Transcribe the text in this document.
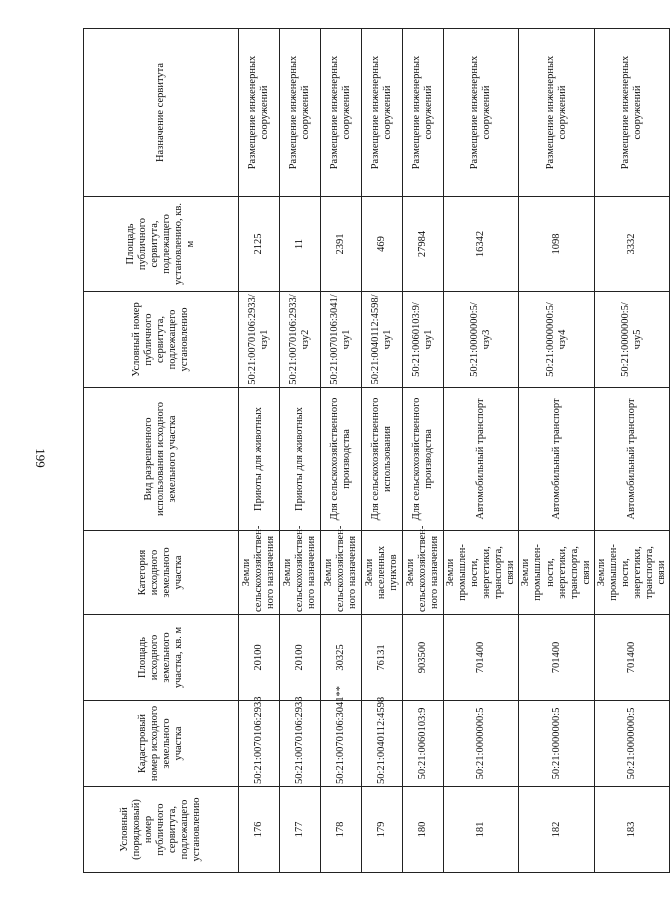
199
Условный (порядковый) номер публичного сервитута, подлежащего установлению	Кадастровый номер исходного земельного участка	Площадь исходного земельного участка, кв. м	Категория исходного земельного участка	Вид разрешенного использования исходного земельного участка	Условный номер публичного сервитута, подлежащего установлению	Площадь публичного сервитута, подлежащего установлению, кв. м	Назначение сервитута
176	50:21:0070106:2933	20100	Земли сельскохозяйствен-ного назначения	Приюты для животных	50:21:0070106:2933/чзу1	2125	Размещение инженерных сооружений
177	50:21:0070106:2933	20100	Земли сельскохозяйствен-ного назначения	Приюты для животных	50:21:0070106:2933/чзу2	11	Размещение инженерных сооружений
178	50:21:0070106:3041**	30325	Земли сельскохозяйствен-ного назначения	Для сельскохозяйственного производства	50:21:0070106:3041/чзу1	2391	Размещение инженерных сооружений
179	50:21:0040112:4598	76131	Земли населенных пунктов	Для сельскохозяйственного использования	50:21:0040112:4598/чзу1	469	Размещение инженерных сооружений
180	50:21:0060103:9	903500	Земли сельскохозяйствен-ного назначения	Для сельскохозяйственного производства	50:21:0060103:9/чзу1	27984	Размещение инженерных сооружений
181	50:21:0000000:5	701400	Земли промышлен-ности, энергетики, транспорта, связи	Автомобильный транспорт	50:21:0000000:5/чзу3	16342	Размещение инженерных сооружений
182	50:21:0000000:5	701400	Земли промышлен-ности, энергетики, транспорта, связи	Автомобильный транспорт	50:21:0000000:5/чзу4	1098	Размещение инженерных сооружений
183	50:21:0000000:5	701400	Земли промышлен-ности, энергетики, транспорта, связи	Автомобильный транспорт	50:21:0000000:5/чзу5	3332	Размещение инженерных сооружений
